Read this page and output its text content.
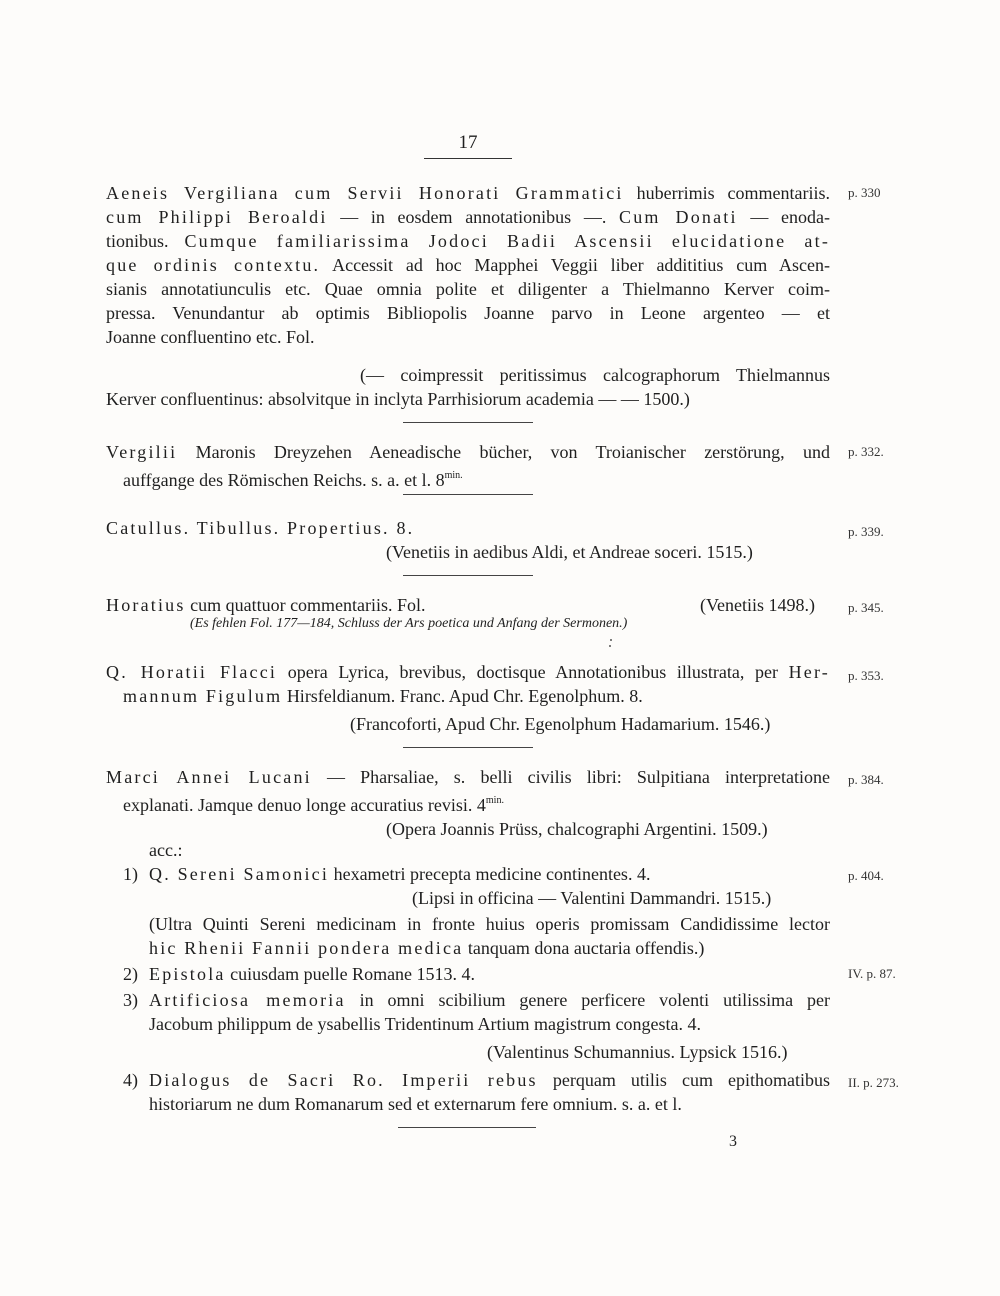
17
Aeneis Vergiliana cum Servii Honorati Grammatici huberrimis commentariis.
cum Philippi Beroaldi — in eosdem annotationibus —. Cum Donati — enoda-
tionibus. Cumque familiarissima Jodoci Badii Ascensii elucidatione at-
que ordinis contextu. Accessit ad hoc Mapphei Veggii liber addititius cum Ascen-
sianis annotatiunculis etc. Quae omnia polite et diligenter a Thielmanno Kerver coim-
pressa. Venundantur ab optimis Bibliopolis Joanne parvo in Leone argenteo — et
Joanne confluentino etc. Fol.
(— coimpressit peritissimus calcographorum Thielmannus
Kerver confluentinus: absolvitque in inclyta Parrhisiorum academia — — 1500.)
p. 330
Vergilii Maronis Dreyzehen Aeneadische bücher, von Troianischer zerstörung, und
auffgange des Römischen Reichs. s. a. et l. $8^{min.}$
p. 332.
Catullus. Tibullus. Propertius. 8.
(Venetiis in aedibus Aldi, et Andreae soceri. 1515.)
p. 339.
Horatius cum quattuor commentariis. Fol.	(Venetiis 1498.)
(Es fehlen Fol. 177—184, Schluss der Ars poetica und Anfang der Sermonen.)
p. 345.
Q. Horatii Flacci opera Lyrica, brevibus, doctisque Annotationibus illustrata, per Her-
mannum Figulum Hirsfeldianum. Franc. Apud Chr. Egenolphum. 8.
(Francoforti, Apud Chr. Egenolphum Hadamarium. 1546.)
p. 353.
Marci Annei Lucani — Pharsaliae, s. belli civilis libri: Sulpitiana interpretatione
explanati. Jamque denuo longe accuratius revisi. $4^{min.}$
(Opera Joannis Prüss, chalcographi Argentini. 1509.)
acc.:
p. 384.
1) Q. Sereni Samonici hexametri precepta medicine continentes. 4.
(Lipsi in officina — Valentini Dammandri. 1515.)
(Ultra Quinti Sereni medicinam in fronte huius operis promissam Candidissime lector
hic Rhenii Fannii pondera medica tanquam dona auctaria offendis.)
p. 404.
2) Epistola cuiusdam puelle Romane 1513. 4.	IV. p. 87.
3) Artificiosa memoria in omni scibilium genere perficere volenti utilissima per
Jacobum philippum de ysabellis Tridentinum Artium magistrum congesta. 4.
(Valentinus Schumannius. Lypsick 1516.)
4) Dialogus de Sacri Ro. Imperii rebus perquam utilis cum epithomatibus
historiarum ne dum Romanarum sed et externarum fere omnium. s. a. et l.
II. p. 273.
3
